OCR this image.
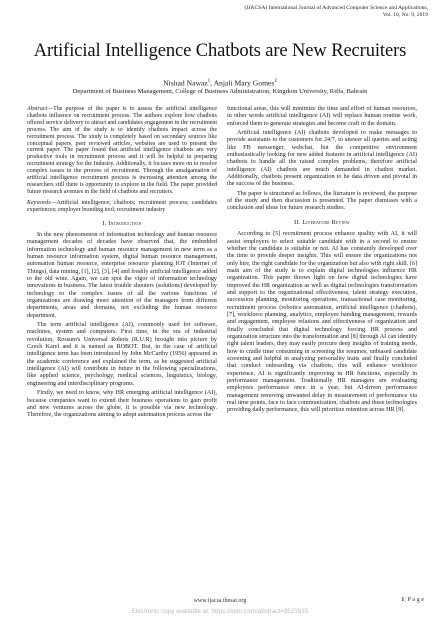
(IJACSA) International Journal of Advanced Computer Science and Applications,
Vol. 10, No. 9, 2019
Artificial Intelligence Chatbots are New Recruiters
Nishad Nawaz$^1$, Anjali Mary Gomes$^2$
Department of Business Management, College of Business Administration, Kingdom University, Riffa, Bahrain

Abstract—The purpose of the paper is to assess the artificial intelligence chatbots influence on recruitment process. The authors explore how chatbots offered service delivery to attract and candidates engagement in the recruitment process. The aim of the study is to identify chatbots impact across the recruitment process. The study is completely based on secondary sources like conceptual papers, peer reviewed articles, websites are used to present the current paper. The paper found that artificial intelligence chatbots are very productive tools in recruitment process and it will be helpful in preparing recruitment strategy for the Industry. Additionally, it focuses more on to resolve complex issues in the process of recruitment. Through the amalgamation of artificial intelligence recruitment process is increasing attention among the researchers still there is opportunity to explore in the field. The paper provided future research avenues in the field of chatbots and recruiters.

Keywords—Artificial intelligence; chatbots; recruitment process; candidates experiences; employer branding tool; recruitment industry

I. Introduction

In the new phenomenon of information technology and human resource management decades of decades have observed that, the embedded information technology and human resource management in new term as a human resource information system, digital human resource management, automation human resource, enterprise resource planning IOT (Internet of Things), data mining, [1], [2], [3], [4] and freshly artificial intelligence added to the old wine. Again, we can spot the vigor of information technology innovations in business. The latest trouble shooters (solutions) developed by technology to the complex issues of all the various functions of organizations are drawing more attention of the managers from different departments, areas and domains, not excluding the human resource department.

The term artificial intelligence (AI), commonly used for software, machines, system and computers. First time, in the era of industrial revolution, Rossum's Universal Robots (R.U.R) brought into picture by Czech Karel and it is named as ROBOT. But, in the case of artificial intelligence term has been introduced by John McCarthy (1956) appeared in the academic conference and explained the term, as he suggested artificial intelligence (AI) will contribute in future in the following specializations, like applied science, psychology, medical sciences, linguistics, biology, engineering and interdisciplinary programs.

Firstly, we need to know, why HR emerging artificial intelligence (AI), because companies want to extend their business operations to gain profit and new ventures across the globe, it is possible via new technology. Therefore, the organizations aiming to adopt automation process across the

functional areas, this will minimize the time and effort of human resources, in other words artificial intelligence (AI) will replace human routine work, enforced them to generate strategies and become craft in the domain.

Artificial intelligence (AI) chatbots developed to make messages to provide assistants to the customers for 24/7, to answer all queries and acting like FB messenger, webchat, but the competitive environment enthusiastically looking for new added features in artificial intelligence (AI) chatbots to handle all the raised complex problems, therefore artificial intelligence (AI) chatbots are much demanded in chatbot market. Additionally, chatbots present organization to be data driven and pivotal in the success of the business.

The paper is structured as follows, the literature is reviewed, the purpose of the study and then discussion is presented. The paper dismisses with a conclusion and ideas for future research studies.

II. Literature Review

According to [5] recruitment process enhance quality with AI, it will assist employers to select suitable candidate with in a second to ensure whether the candidate is suitable or not. AI has constantly developed over the time to provide deeper insights. This will ensure the organizations not only hire, the right candidate for the organization but also with right skill. [6] main aim of the study is to explain digital technologies influence HR organization. This paper throws light on how digital technologies have improved the HR organization as well as digital technologies transformation and support to the organizational effectiveness, talent strategy execution, succession planning, monitoring operations, transactional case monitoring, recruitment process (robotics automation, artificial intelligence (chatbots), [7], workforce planning, analytics, employee banding management, rewards and engagement, employee relations and effectiveness of organization and finally concluded that digital technology forcing HR process and organization structure into the transformation and [8] through AI can identify right talent leaders, they may easily procure deep insights of training needs, how to cradle time consuming in screening the resumes, unbiased candidate screening and helpful in analyzing personality traits and finally concluded that conduct onboarding via chatbots, this will enhance workforce experience. AI is significantly improving in HR functions, especially in performance management. Traditionally HR managers are evaluating employees performance once in a year, but AI-driven performance management removing unwanted delay in measurement of performance via real time points, face to face communication, chatbots and these technologies providing daily performance, this will prioritize retention across HR [9].

www.ijacsa.thesai.org	1|P a g e
Electronic copy available at: https://ssrn.com/abstract=3521915
